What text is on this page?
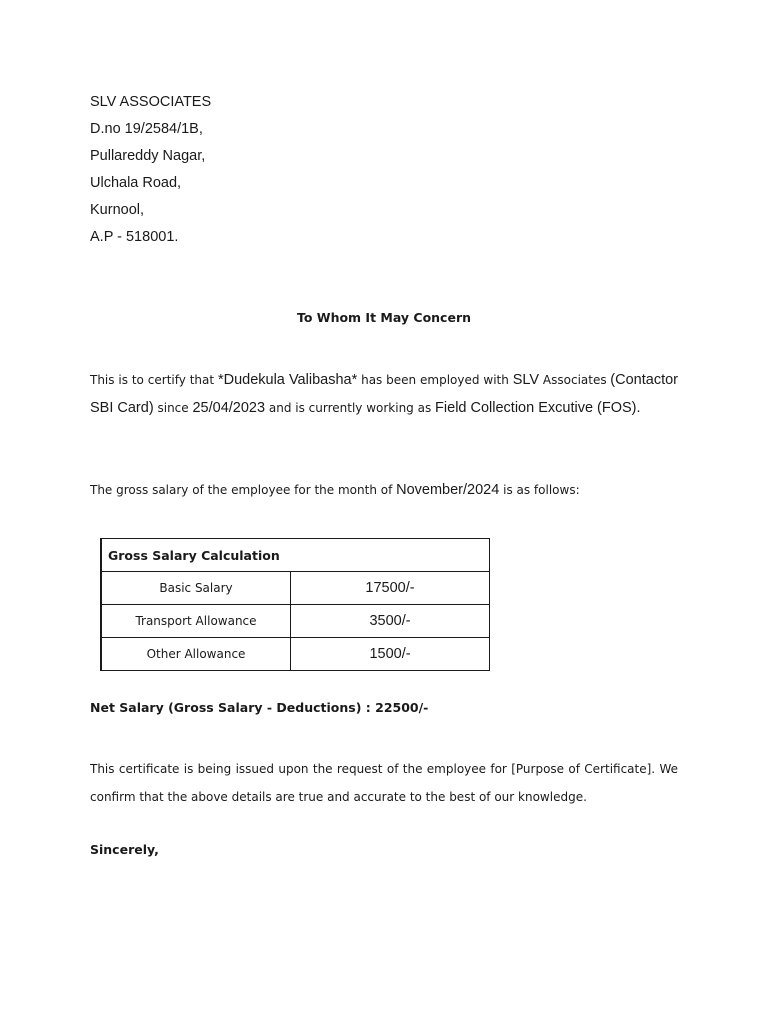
SLV ASSOCIATES
D.no 19/2584/1B,
Pullareddy Nagar,
Ulchala Road,
Kurnool,
A.P - 518001.
To Whom It May Concern
This is to certify that *Dudekula Valibasha* has been employed with SLV Associates (Contactor SBI Card) since 25/04/2023 and is currently working as Field Collection Excutive (FOS).
The gross salary of the employee for the month of November/2024 is as follows:
Gross Salary Calculation	
Basic Salary	17500/-
Transport Allowance	3500/-
Other Allowance	1500/-
Net Salary (Gross Salary - Deductions) : 22500/-
This certificate is being issued upon the request of the employee for [Purpose of Certificate]. We confirm that the above details are true and accurate to the best of our knowledge.
Sincerely,
